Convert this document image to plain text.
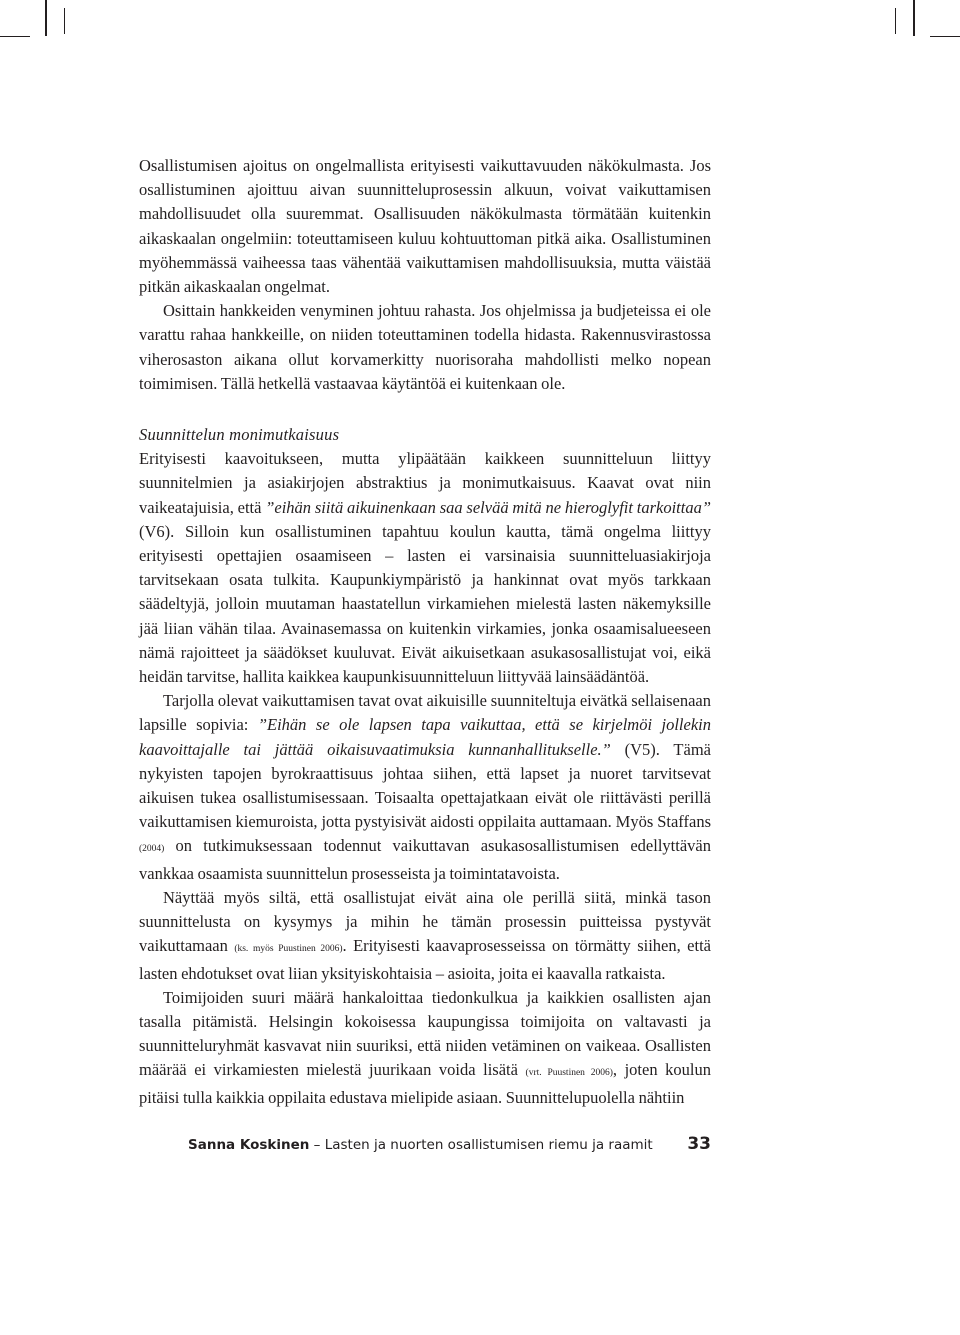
Osallistumisen ajoitus on ongelmallista erityisesti vaikuttavuuden näkökulmasta. Jos osallistuminen ajoittuu aivan suunnitteluprosessin alkuun, voivat vaikuttamisen mahdollisuudet olla suuremmat. Osallisuuden näkökulmasta törmätään kuitenkin aikaskaalan ongelmiin: toteuttamiseen kuluu kohtuuttoman pitkä aika. Osallistuminen myöhemmässä vaiheessa taas vähentää vaikuttamisen mahdollisuuksia, mutta väistää pitkän aikaskaalan ongelmat.

Osittain hankkeiden venyminen johtuu rahasta. Jos ohjelmissa ja budjeteissa ei ole varattu rahaa hankkeille, on niiden toteuttaminen todella hidasta. Rakennusvirastossa viherosaston aikana ollut korvamerkitty nuorisoraha mahdollisti melko nopean toimimisen. Tällä hetkellä vastaavaa käytäntöä ei kuitenkaan ole.

Suunnittelun monimutkaisuus

Erityisesti kaavoitukseen, mutta ylipäätään kaikkeen suunnitteluun liittyy suunnitelmien ja asiakirjojen abstraktius ja monimutkaisuus. Kaavat ovat niin vaikeatajuisia, että ”eihän siitä aikuinenkaan saa selvää mitä ne hieroglyfit tarkoittaa” (V6). Silloin kun osallistuminen tapahtuu koulun kautta, tämä ongelma liittyy erityisesti opettajien osaamiseen – lasten ei varsinaisia suunnitteluasiakirjoja tarvitsekaan osata tulkita. Kaupunkiympäristö ja hankinnat ovat myös tarkkaan säädeltyjä, jolloin muutaman haastatellun virkamiehen mielestä lasten näkemyksille jää liian vähän tilaa. Avainasemassa on kuitenkin virkamies, jonka osaamisalueeseen nämä rajoitteet ja säädökset kuuluvat. Eivät aikuisetkaan asukasosallistujat voi, eikä heidän tarvitse, hallita kaikkea kaupunkisuunnitteluun liittyvää lainsäädäntöä.

Tarjolla olevat vaikuttamisen tavat ovat aikuisille suunniteltuja eivätkä sellaisenaan lapsille sopivia: ”Eihän se ole lapsen tapa vaikuttaa, että se kirjelmöi jollekin kaavoittajalle tai jättää oikaisuvaatimuksia kunnanhallitukselle.” (V5). Tämä nykyisten tapojen byrokraattisuus johtaa siihen, että lapset ja nuoret tarvitsevat aikuisen tukea osallistumisessaan. Toisaalta opettajatkaan eivät ole riittävästi perillä vaikuttamisen kiemuroista, jotta pystyisivät aidosti oppilaita auttamaan. Myös Staffans (2004) on tutkimuksessaan todennut vaikuttavan asukasosallistumisen edellyttävän vankkaa osaamista suunnittelun prosesseista ja toimintatavoista.

Näyttää myös siltä, että osallistujat eivät aina ole perillä siitä, minkä tason suunnittelusta on kysymys ja mihin he tämän prosessin puitteissa pystyvät vaikuttamaan (ks. myös Puustinen 2006). Erityisesti kaavaprosesseissa on törmätty siihen, että lasten ehdotukset ovat liian yksityiskohtaisia – asioita, joita ei kaavalla ratkaista.

Toimijoiden suuri määrä hankaloittaa tiedonkulkua ja kaikkien osallisten ajan tasalla pitämistä. Helsingin kokoisessa kaupungissa toimijoita on valtavasti ja suunnitteluryhmät kasvavat niin suuriksi, että niiden vetäminen on vaikeaa. Osallisten määrää ei virkamiesten mielestä juurikaan voida lisätä (vrt. Puustinen 2006), joten koulun pitäisi tulla kaikkia oppilaita edustava mielipide asiaan. Suunnittelupuolella nähtiin

Sanna Koskinen – Lasten ja nuorten osallistumisen riemu ja raamit 33
